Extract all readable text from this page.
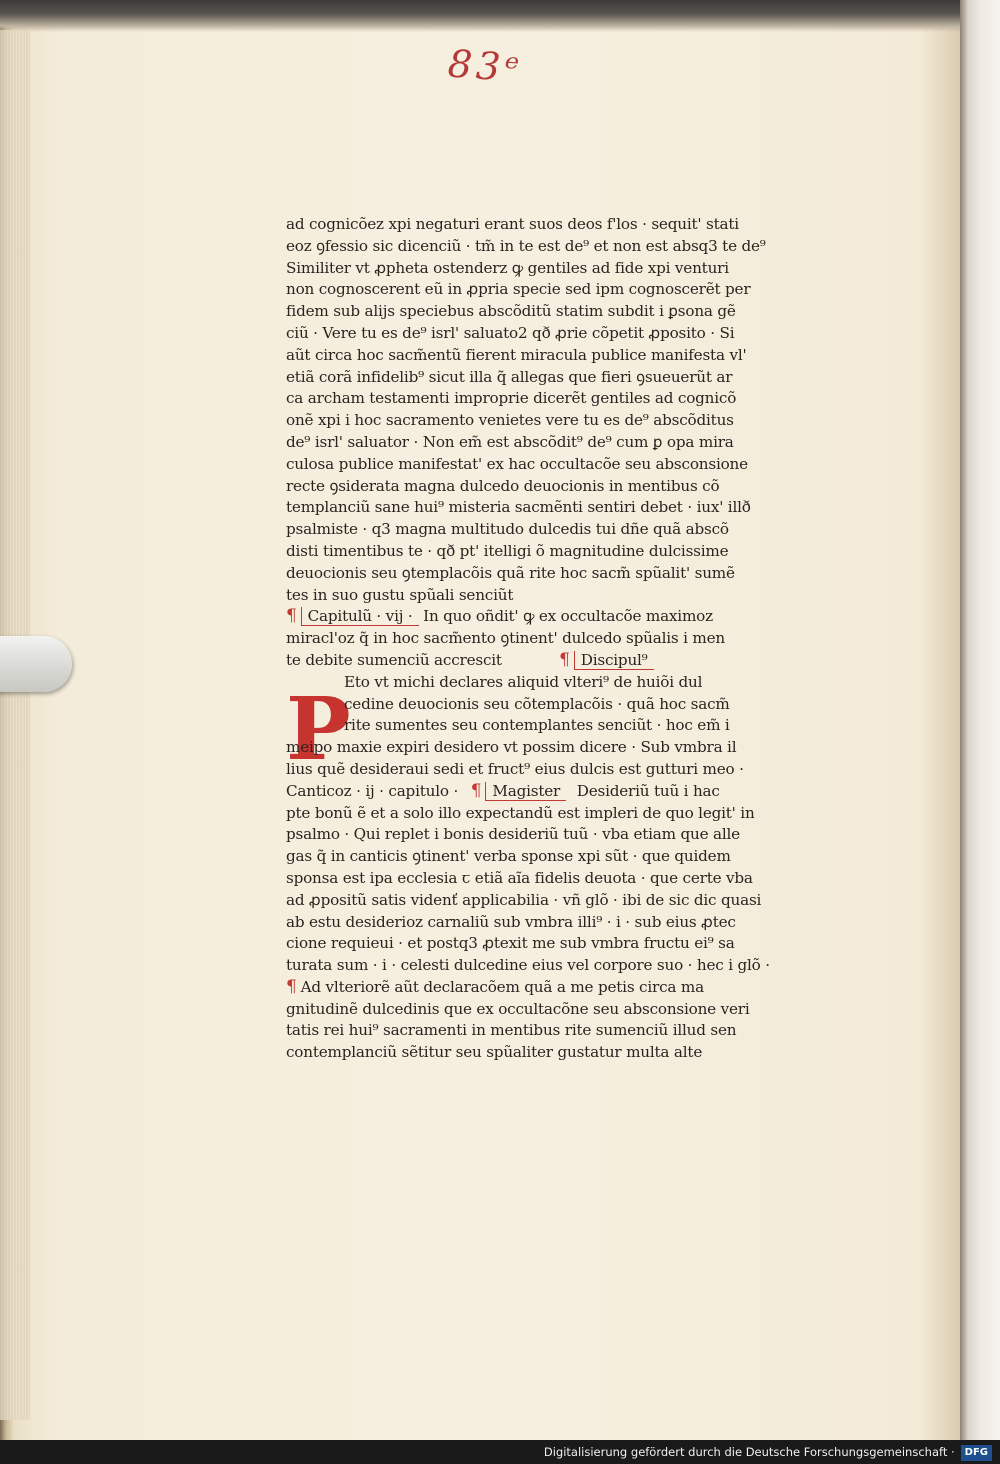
83ᵉ
P
ad cognicõez xpi negaturi erant suos deos f'los · sequit' stati
eoz ꝯfessio sic dicenciũ · tm̃ in te est de⁹ et non est absq3 te de⁹
Similiter vt ꝓpheta ostenderz ꝙ gentiles ad fide xpi venturi
non cognoscerent eũ in ꝓpria specie sed ipm cognoscerẽt per
fidem sub alijs speciebus abscõditũ statim subdit i ꝑsona gẽ
ciũ · Vere tu es de⁹ isrl' saluato2 qð ꝓrie cõpetit ꝓposito · Si
aũt circa hoc sacm̃entũ fierent miracula publice manifesta vl'
etiã corã infidelib⁹ sicut illa q̃ allegas que fieri ꝯsueuerũt ar
ca archam testamenti improprie dicerẽt gentiles ad cognicõ
onẽ xpi i hoc sacramento venietes vere tu es de⁹ abscõditus
de⁹ isrl' saluator · Non em̃ est abscõdit⁹ de⁹ cum ꝑ opa mira
culosa publice manifestat' ex hac occultacõe seu absconsione
recte ꝯsiderata magna dulcedo deuocionis in mentibus cõ
templanciũ sane hui⁹ misteria sacmẽnti sentiri debet · iux' illð
psalmiste · q3 magna multitudo dulcedis tui dñe quã abscõ
disti timentibus te · qð pt' itelligi õ magnitudine dulcissime
deuocionis seu ꝯtemplacõis quã rite hoc sacm̃ spũalit' sumẽ
tes in suo gustu spũali senciũt
¶ Capitulũ · vij · In quo oñdit' ꝙ ex occultacõe maximoz
miracl'oz q̃ in hoc sacm̃ento ꝯtinent' dulcedo spũalis i men
te debite sumenciũ accrescit	¶ Discipul⁹
Eto vt michi declares aliquid vlteri⁹ de huiõi dul
cedine deuocionis seu cõtemplacõis · quã hoc sacm̃
rite sumentes seu contemplantes senciũt · hoc em̃ i
meipo maxie expiri desidero vt possim dicere · Sub vmbra il
lius quẽ desideraui sedi et fruct⁹ eius dulcis est gutturi meo ·
Canticoz · ij · capitulo · ¶ Magister Desideriũ tuũ i hac
pte bonũ ẽ et a solo illo expectandũ est impleri de quo legit' in
psalmo · Qui replet i bonis desideriũ tuũ · vba etiam que alle
gas q̃ in canticis ꝯtinent' verba sponse xpi sũt · que quidem
sponsa est ipa ecclesia ꞇ etiã aĩa fidelis deuota · que certe vba
ad ꝓpositũ satis videnť applicabilia · vñ glõ · ibi de sic dic quasi
ab estu desiderioz carnaliũ sub vmbra illi⁹ · i · sub eius ꝓtec
cione requieui · et postq3 ꝓtexit me sub vmbra fructu ei⁹ sa
turata sum · i · celesti dulcedine eius vel corpore suo · hec i glõ ·
¶ Ad vlteriorẽ aũt declaracõem quã a me petis circa ma
gnitudinẽ dulcedinis que ex occultacõne seu absconsione veri
tatis rei hui⁹ sacramenti in mentibus rite sumenciũ illud sen
contemplanciũ sẽtitur seu spũaliter gustatur multa alte
Digitalisierung gefördert durch die Deutsche Forschungsgemeinschaft · DFG
